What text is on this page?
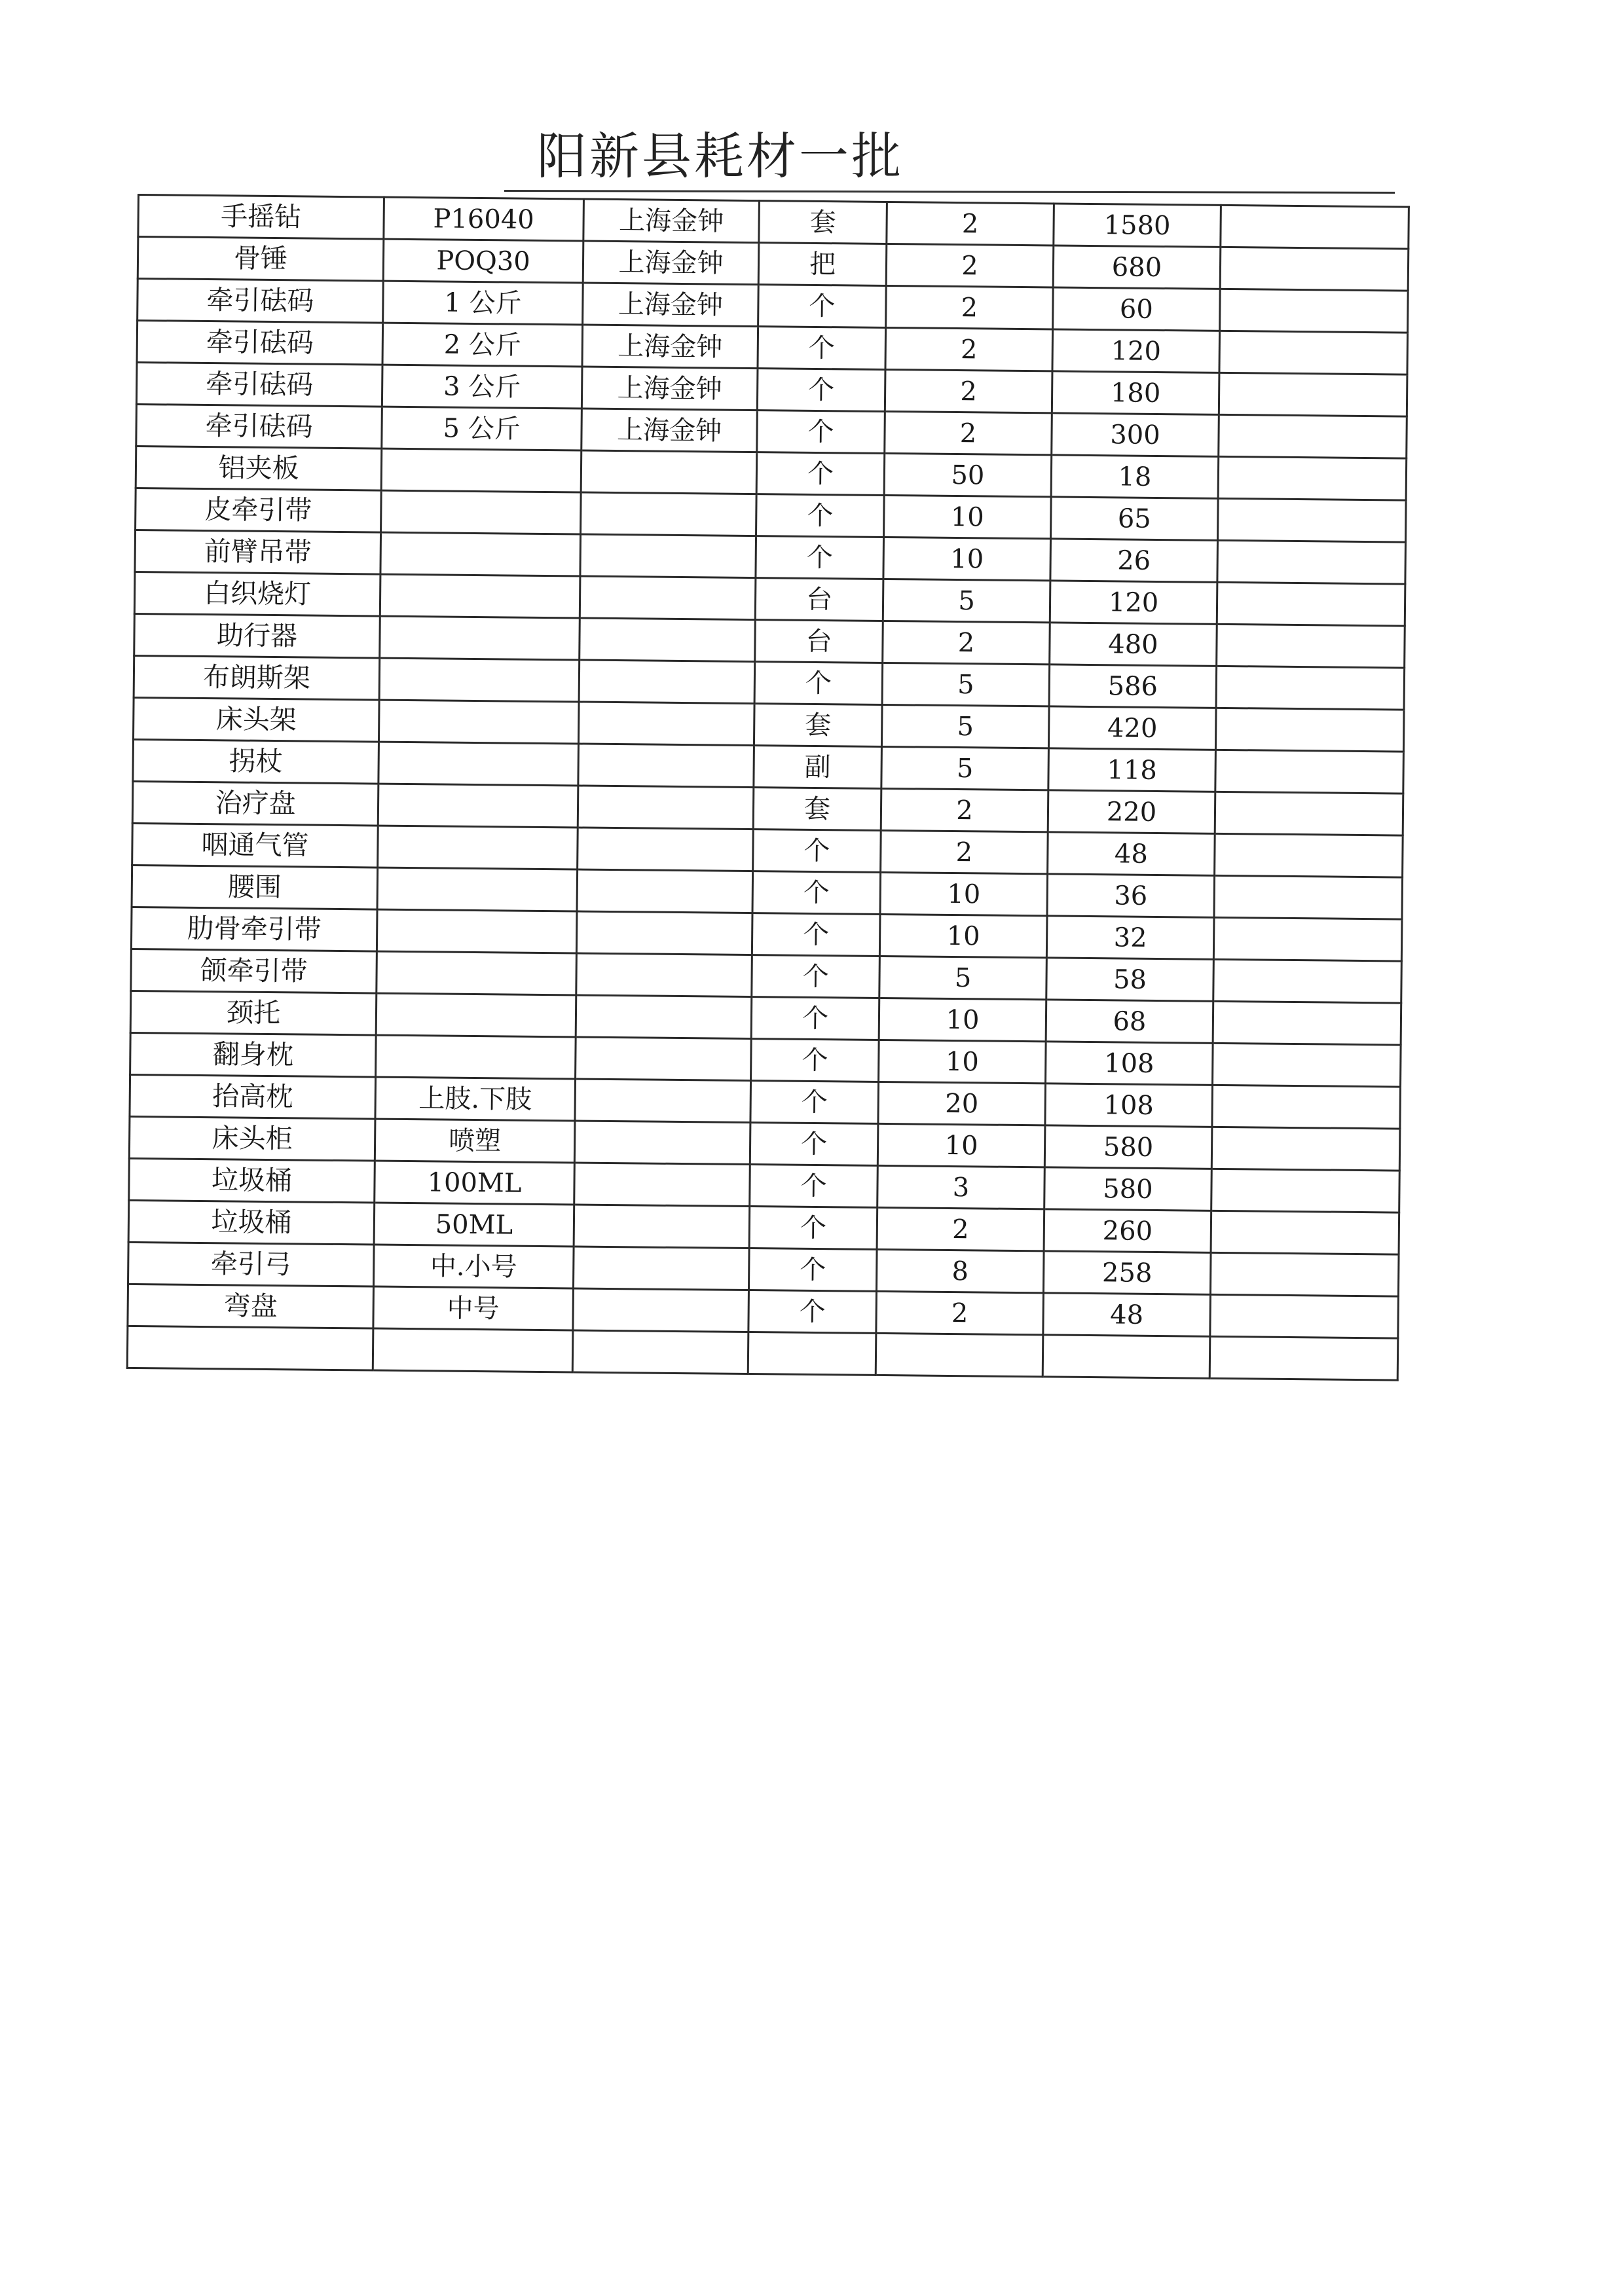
阳新县耗材一批
手摇钻	P16040	上海金钟	套	2	1580	
骨锤	POQ30	上海金钟	把	2	680	
牵引砝码	1 公斤	上海金钟	个	2	60	
牵引砝码	2 公斤	上海金钟	个	2	120	
牵引砝码	3 公斤	上海金钟	个	2	180	
牵引砝码	5 公斤	上海金钟	个	2	300	
铝夹板			个	50	18	
皮牵引带			个	10	65	
前臂吊带			个	10	26	
白织烧灯			台	5	120	
助行器			台	2	480	
布朗斯架			个	5	586	
床头架			套	5	420	
拐杖			副	5	118	
治疗盘			套	2	220	
咽通气管			个	2	48	
腰围			个	10	36	
肋骨牵引带			个	10	32	
颌牵引带			个	5	58	
颈托			个	10	68	
翻身枕			个	10	108	
抬高枕	上肢.下肢		个	20	108	
床头柜	喷塑		个	10	580	
垃圾桶	100ML		个	3	580	
垃圾桶	50ML		个	2	260	
牵引弓	中.小号		个	8	258	
弯盘	中号		个	2	48	
